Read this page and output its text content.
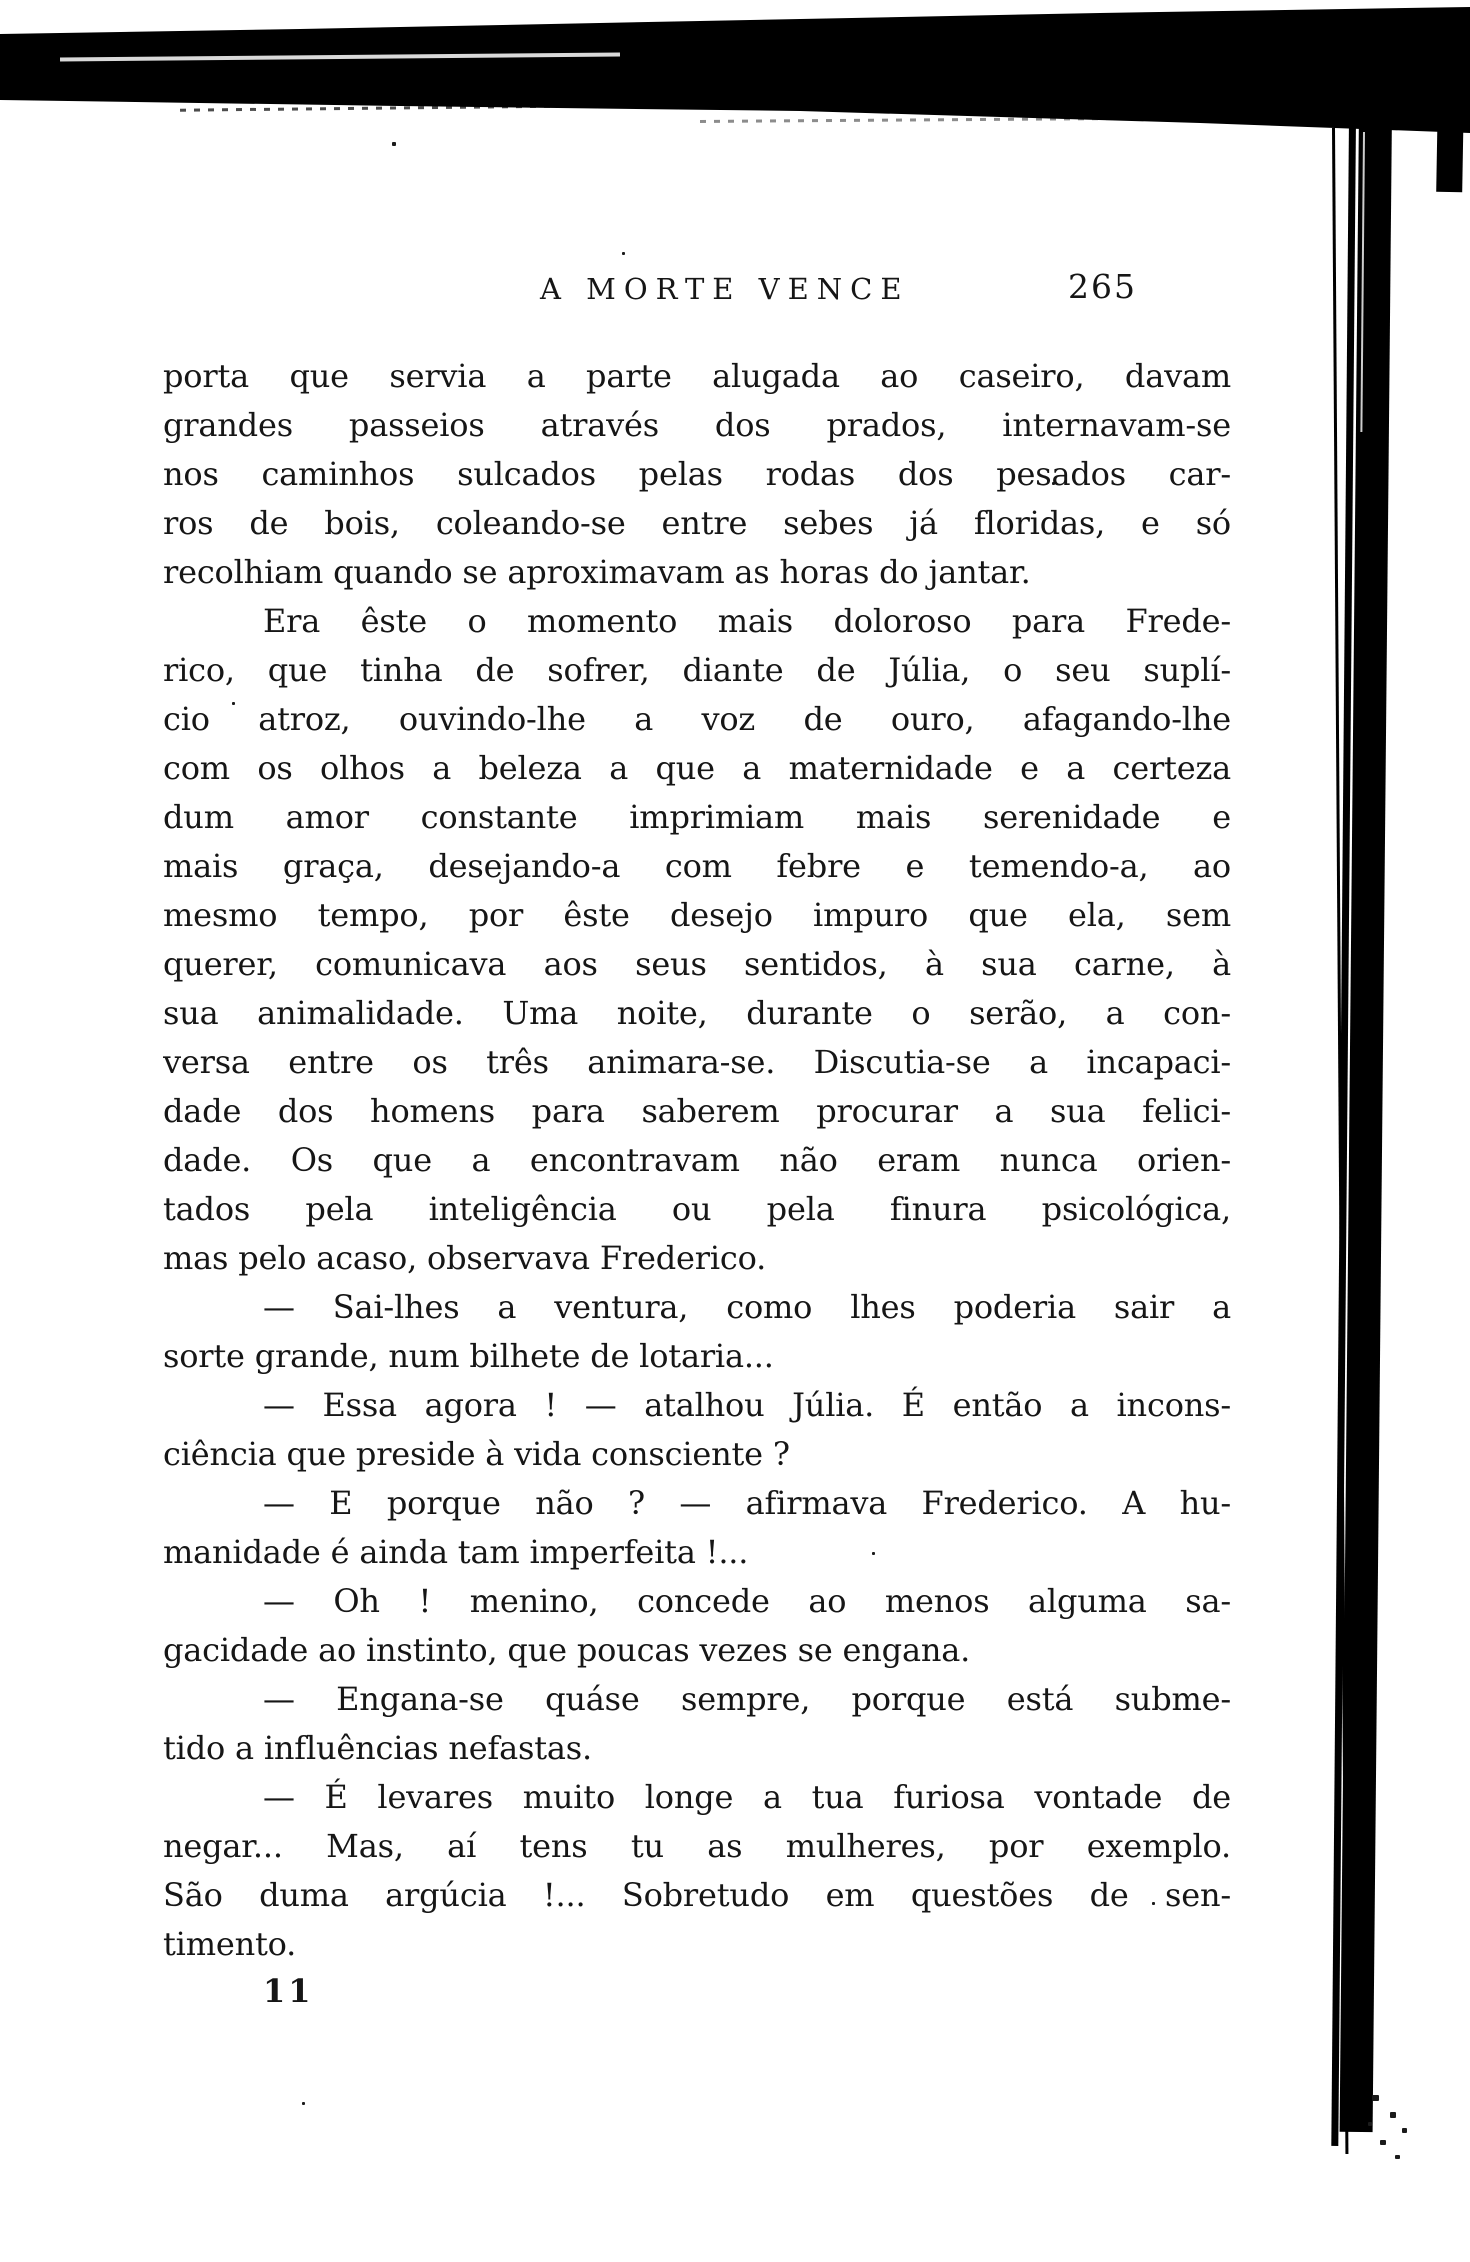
A MORTE VENCE	265
porta que servia a parte alugada ao caseiro, davam
grandes passeios através dos prados, internavam-se
nos caminhos sulcados pelas rodas dos pesados car-
ros de bois, coleando-se entre sebes já floridas, e só
recolhiam quando se aproximavam as horas do jantar.
Era êste o momento mais doloroso para Frede-
rico, que tinha de sofrer, diante de Júlia, o seu suplí-
cio atroz, ouvindo-lhe a voz de ouro, afagando-lhe
com os olhos a beleza a que a maternidade e a certeza
dum amor constante imprimiam mais serenidade e
mais graça, desejando-a com febre e temendo-a, ao
mesmo tempo, por êste desejo impuro que ela, sem
querer, comunicava aos seus sentidos, à sua carne, à
sua animalidade. Uma noite, durante o serão, a con-
versa entre os três animara-se. Discutia-se a incapaci-
dade dos homens para saberem procurar a sua felici-
dade. Os que a encontravam não eram nunca orien-
tados pela inteligência ou pela finura psicológica,
mas pelo acaso, observava Frederico.
— Sai-lhes a ventura, como lhes poderia sair a
sorte grande, num bilhete de lotaria...
— Essa agora ! — atalhou Júlia. É então a incons-
ciência que preside à vida consciente ?
— E porque não ? — afirmava Frederico. A hu-
manidade é ainda tam imperfeita !...
— Oh ! menino, concede ao menos alguma sa-
gacidade ao instinto, que poucas vezes se engana.
— Engana-se quáse sempre, porque está subme-
tido a influências nefastas.
— É levares muito longe a tua furiosa vontade de
negar... Mas, aí tens tu as mulheres, por exemplo.
São duma argúcia !... Sobretudo em questões de sen-
timento.
11
